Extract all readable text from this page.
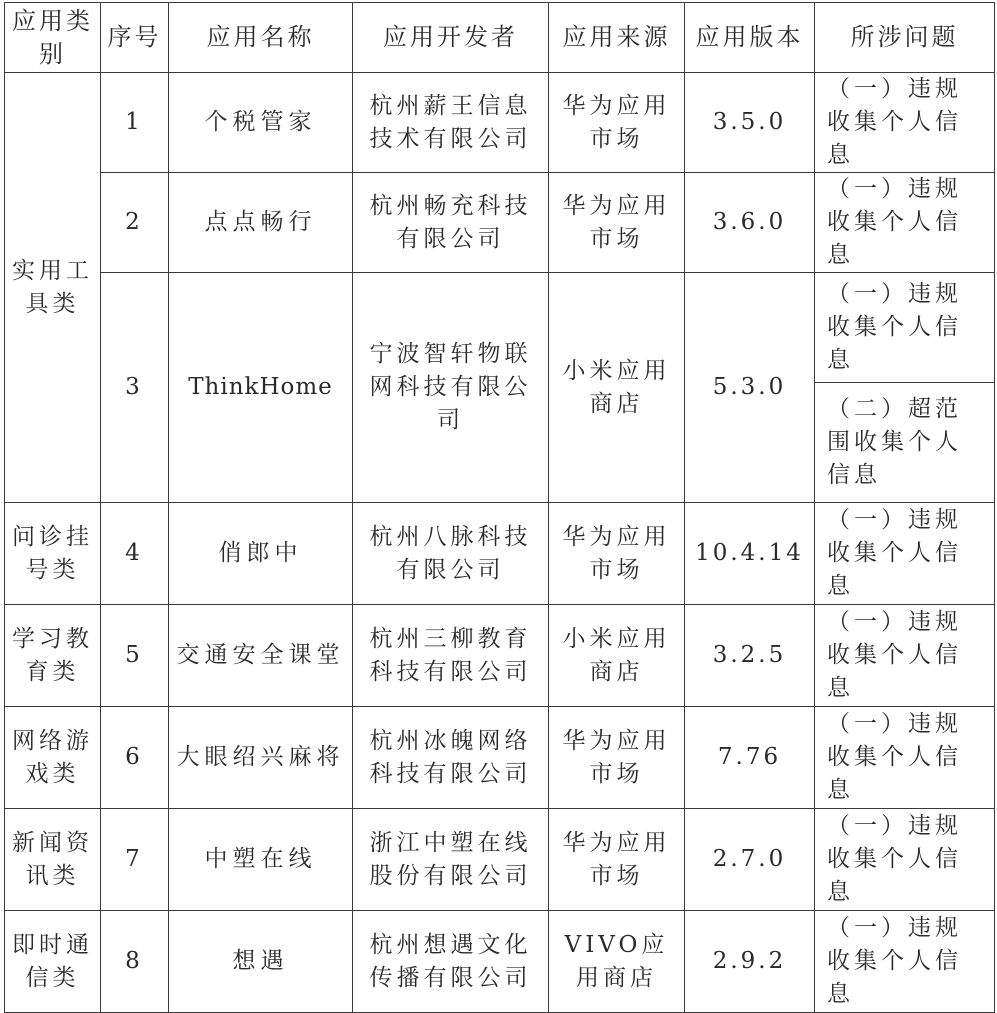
应用类别	序号	应用名称	应用开发者	应用来源	应用版本	所涉问题
实用工具类	1	个税管家	杭州薪王信息技术有限公司	华为应用市场	3.5.0	（一）违规收集个人信息
	2	点点畅行	杭州畅充科技有限公司	华为应用市场	3.6.0	（一）违规收集个人信息
	3	ThinkHome	宁波智轩物联网科技有限公司	小米应用商店	5.3.0	（一）违规收集个人信息
						（二）超范围收集个人信息
问诊挂号类	4	俏郎中	杭州八脉科技有限公司	华为应用市场	10.4.14	（一）违规收集个人信息
学习教育类	5	交通安全课堂	杭州三柳教育科技有限公司	小米应用商店	3.2.5	（一）违规收集个人信息
网络游戏类	6	大眼绍兴麻将	杭州冰魄网络科技有限公司	华为应用市场	7.76	（一）违规收集个人信息
新闻资讯类	7	中塑在线	浙江中塑在线股份有限公司	华为应用市场	2.7.0	（一）违规收集个人信息
即时通信类	8	想遇	杭州想遇文化传播有限公司	VIVO应用商店	2.9.2	（一）违规收集个人信息
